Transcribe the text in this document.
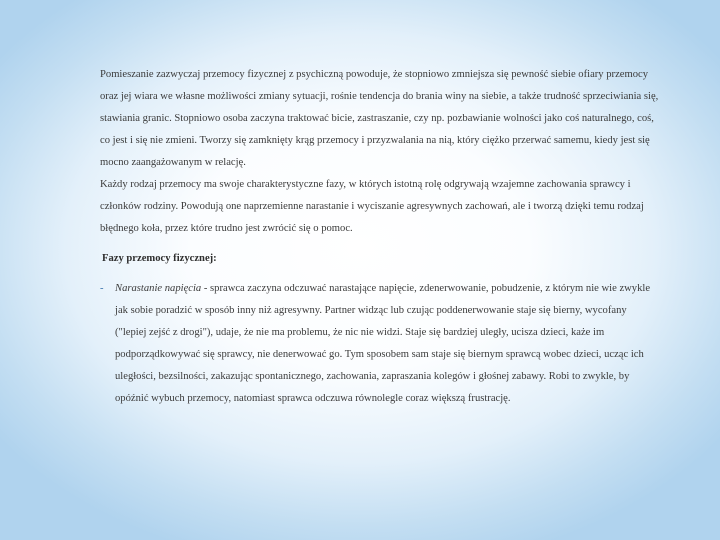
Pomieszanie zazwyczaj przemocy fizycznej z psychiczną powoduje, że stopniowo zmniejsza się pewność siebie ofiary przemocy oraz jej wiara we własne możliwości zmiany sytuacji, rośnie tendencja do brania winy na siebie, a także trudność sprzeciwiania się, stawiania granic. Stopniowo osoba zaczyna traktować bicie, zastraszanie, czy np. pozbawianie wolności jako coś naturalnego, coś, co jest i się nie zmieni. Tworzy się zamknięty krąg przemocy i przyzwalania na nią, który ciężko przerwać samemu, kiedy jest się mocno zaangażowanym w relację.

Każdy rodzaj przemocy ma swoje charakterystyczne fazy, w których istotną rolę odgrywają wzajemne zachowania sprawcy i członków rodziny. Powodują one naprzemienne narastanie i wyciszanie agresywnych zachowań, ale i tworzą dzięki temu rodzaj błędnego koła, przez które trudno jest zwrócić się o pomoc.

Fazy przemocy fizycznej:

- Narastanie napięcia - sprawca zaczyna odczuwać narastające napięcie, zdenerwowanie, pobudzenie, z którym nie wie zwykle jak sobie poradzić w sposób inny niż agresywny. Partner widząc lub czując poddenerwowanie staje się bierny, wycofany ("lepiej zejść z drogi"), udaje, że nie ma problemu, że nic nie widzi. Staje się bardziej uległy, ucisza dzieci, każe im podporządkowywać się sprawcy, nie denerwować go. Tym sposobem sam staje się biernym sprawcą wobec dzieci, ucząc ich uległości, bezsilności, zakazując spontanicznego, zachowania, zapraszania kolegów i głośnej zabawy. Robi to zwykle, by opóźnić wybuch przemocy, natomiast sprawca odczuwa równolegle coraz większą frustrację.
